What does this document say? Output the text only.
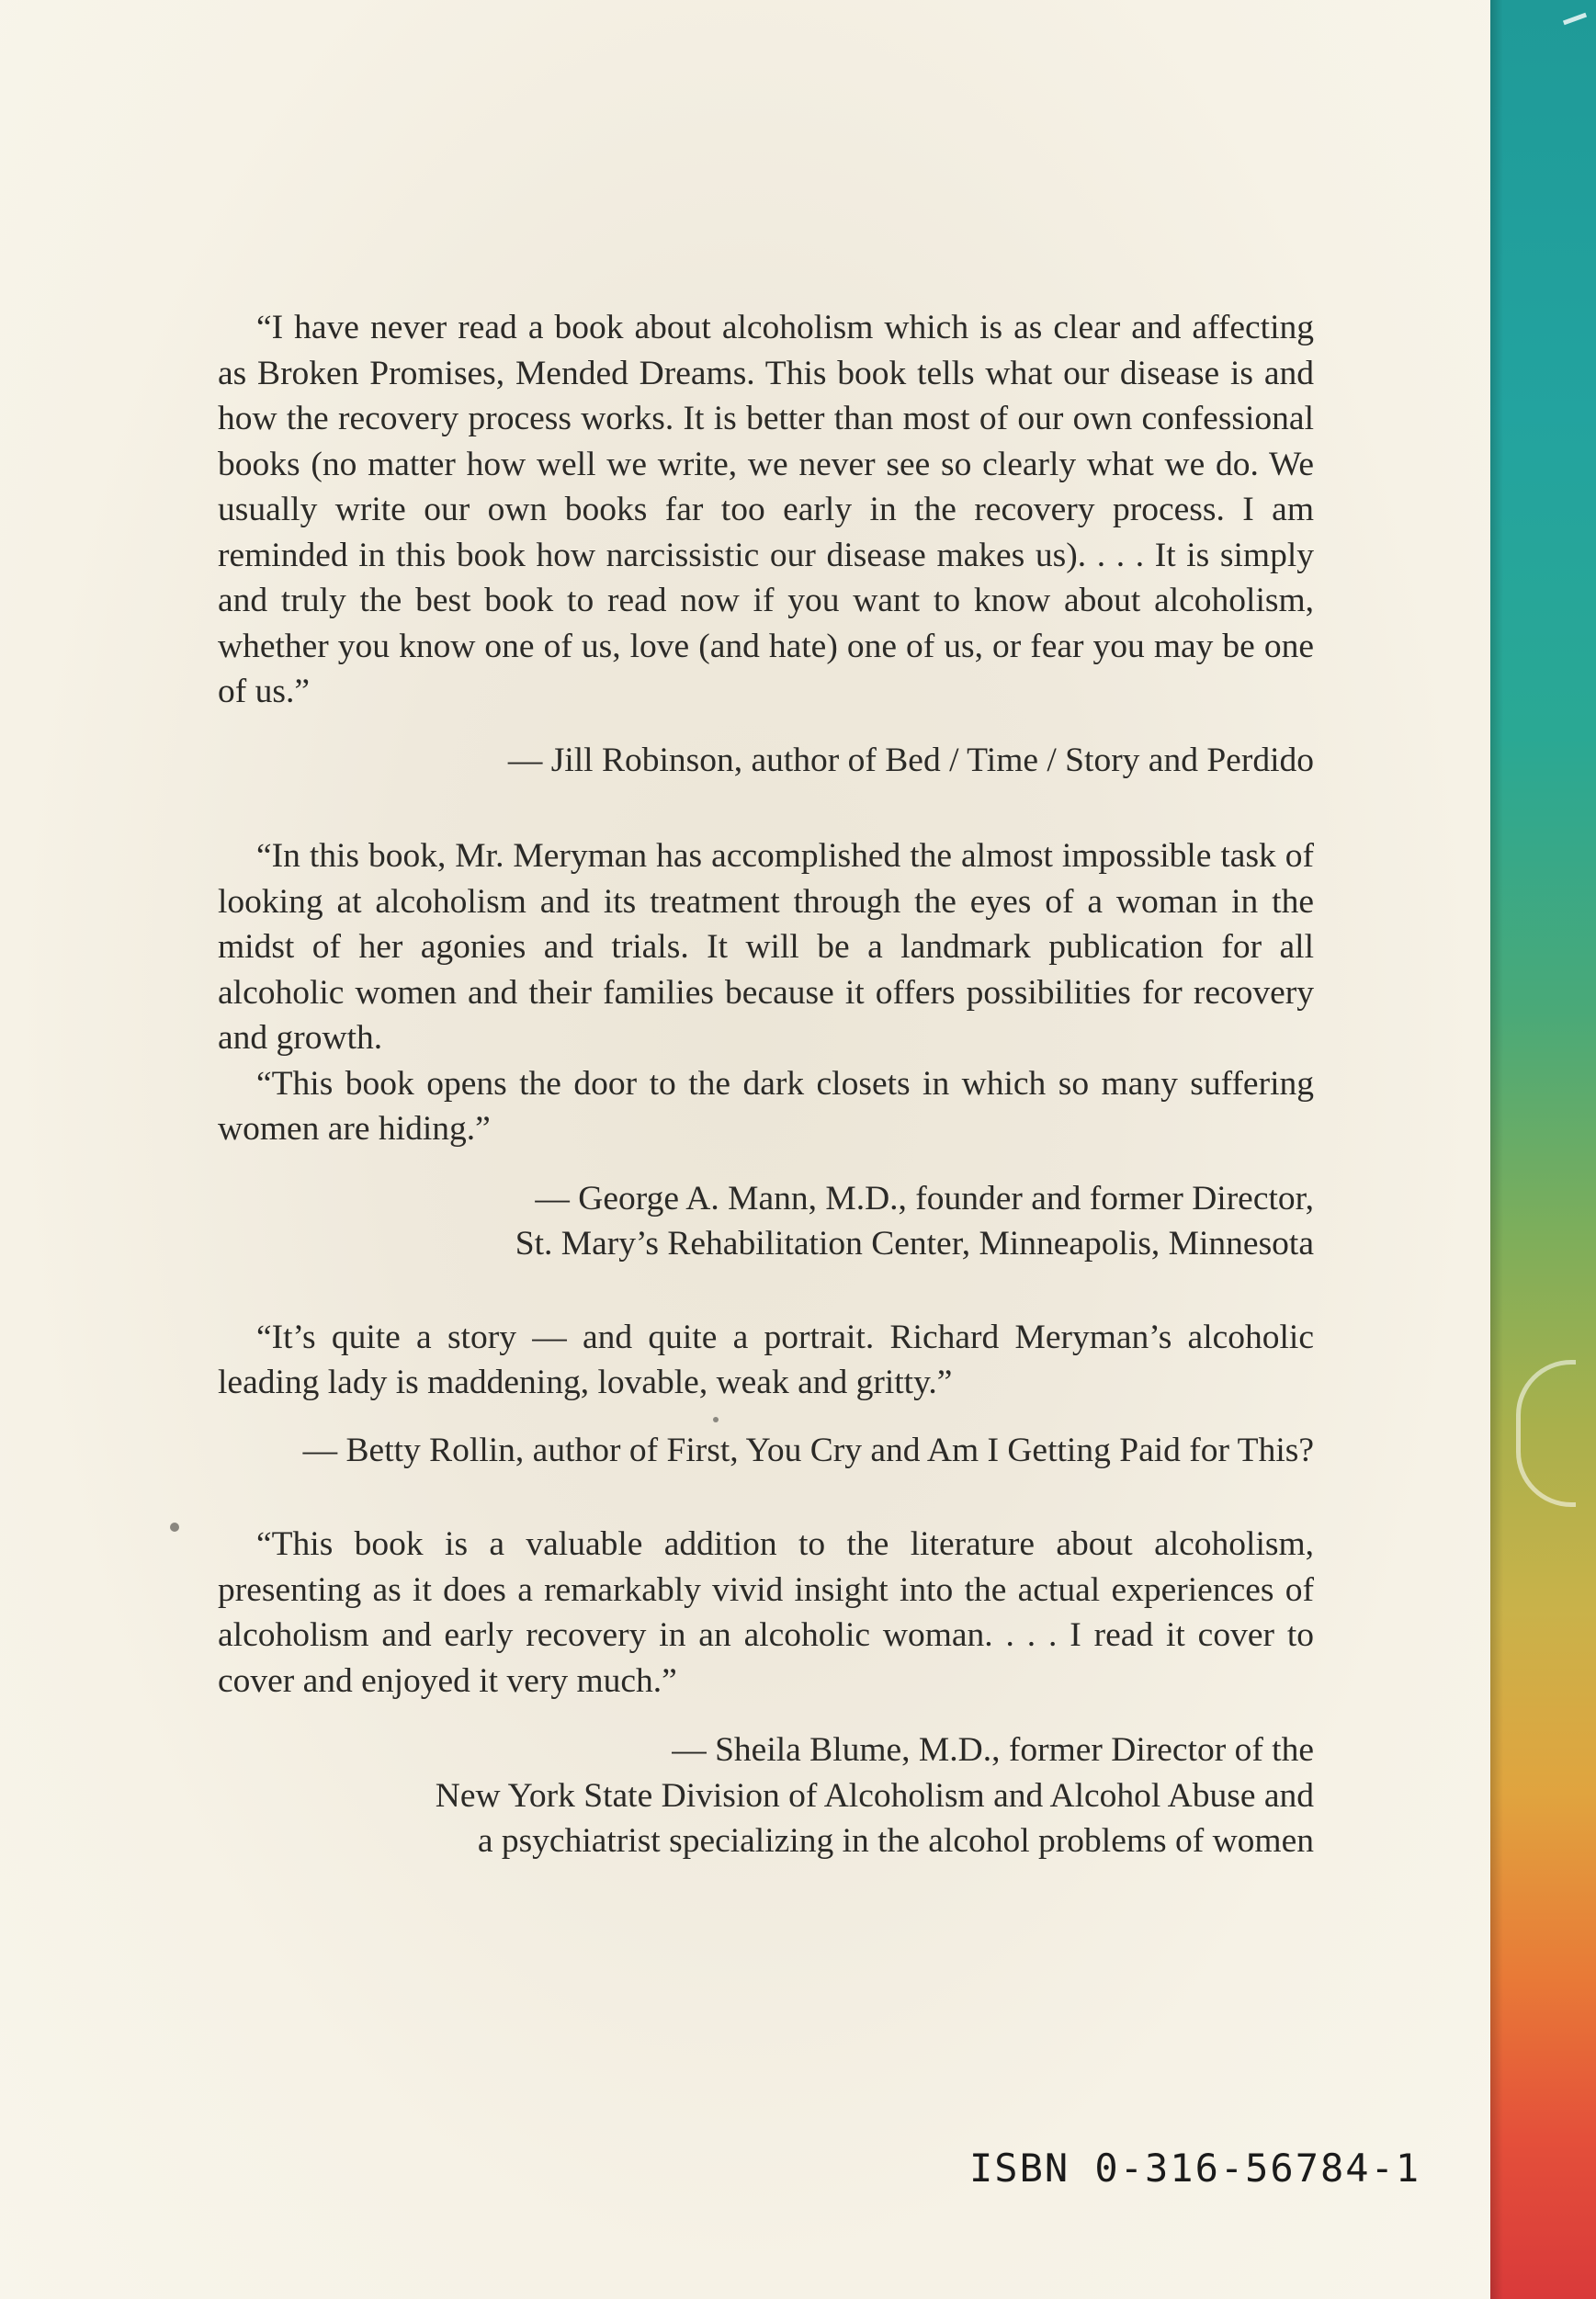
“I have never read a book about alcoholism which is as clear and affecting as Broken Promises, Mended Dreams. This book tells what our disease is and how the recovery process works. It is better than most of our own confessional books (no matter how well we write, we never see so clearly what we do. We usually write our own books far too early in the recovery process. I am reminded in this book how narcissistic our disease makes us). . . . It is simply and truly the best book to read now if you want to know about alcoholism, whether you know one of us, love (and hate) one of us, or fear you may be one of us.”

— Jill Robinson, author of Bed / Time / Story and Perdido

“In this book, Mr. Meryman has accomplished the almost impossible task of looking at alcoholism and its treatment through the eyes of a woman in the midst of her agonies and trials. It will be a landmark publication for all alcoholic women and their families because it offers possibilities for recovery and growth.

“This book opens the door to the dark closets in which so many suffering women are hiding.”

— George A. Mann, M.D., founder and former Director,
St. Mary’s Rehabilitation Center, Minneapolis, Minnesota

“It’s quite a story — and quite a portrait. Richard Meryman’s alcoholic leading lady is maddening, lovable, weak and gritty.”

— Betty Rollin, author of First, You Cry and Am I Getting Paid for This?

“This book is a valuable addition to the literature about alcoholism, presenting as it does a remarkably vivid insight into the actual experiences of alcoholism and early recovery in an alcoholic woman. . . . I read it cover to cover and enjoyed it very much.”

— Sheila Blume, M.D., former Director of the
New York State Division of Alcoholism and Alcohol Abuse and
a psychiatrist specializing in the alcohol problems of women
ISBN 0-316-56784-1
